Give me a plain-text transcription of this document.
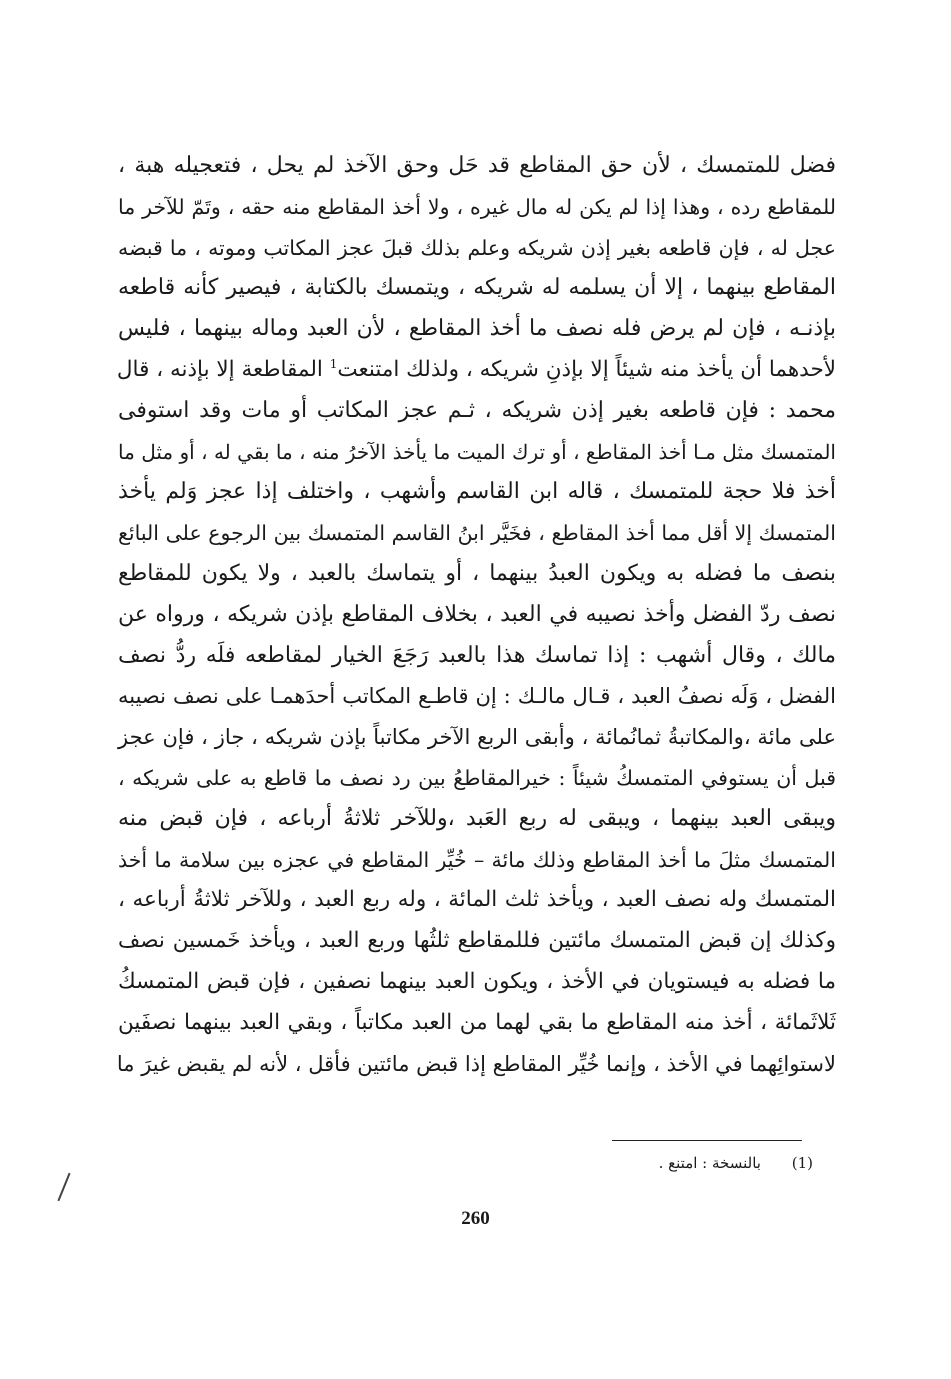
فضل للمتمسك ، لأن حق المقاطع قد حَل وحق الآخذ لم يحل ، فتعجيله هبة ،
للمقاطع رده ، وهذا إذا لم يكن له مال غيره ، ولا أخذ المقاطع منه حقه ، وتَمّ للآخر ما
عجل له ، فإن قاطعه بغير إذن شريكه وعلم بذلك قبلَ عجز المكاتب وموته ، ما قبضه
المقاطع بينهما ، إلا أن يسلمه له شريكه ، ويتمسك بالكتابة ، فيصير كأنه قاطعه
بإذنـه ، فإن لم يرض فله نصف ما أخذ المقاطع ، لأن العبد وماله بينهما ، فليس
لأحدهما أن يأخذ منه شيئاً إلا بإذنِ شريكه ، ولذلك امتنعت$^1$ المقاطعة إلا بإذنه ، قال
محمد : فإن قاطعه بغير إذن شريكه ، ثـم عجز المكاتب أو مات وقد استوفى
المتمسك مثل مـا أخذ المقاطع ، أو ترك الميت ما يأخذ الآخرُ منه ، ما بقي له ، أو مثل ما
أخذ فلا حجة للمتمسك ، قاله ابن القاسم وأشهب ، واختلف إذا عجز وَلم يأخذ
المتمسك إلا أقل مما أخذ المقاطع ، فخَيَّر ابنُ القاسم المتمسك بين الرجوع على البائع
بنصف ما فضله به ويكون العبدُ بينهما ، أو يتماسك بالعبد ، ولا يكون للمقاطع
نصف ردّ الفضل وأخذ نصيبه في العبد ، بخلاف المقاطع بإذن شريكه ، ورواه عن
مالك ، وقال أشهب : إذا تماسك هذا بالعبد رَجَعَ الخيار لمقاطعه فلَه ردُّ نصف
الفضل ، وَلَه نصفُ العبد ، قـال مالـك : إن قاطـع المكاتب أحدَهمـا على نصف نصيبه
على مائة ،والمكاتبةُ ثمانُمائة ، وأبقى الربع الآخر مكاتباً بإذن شريكه ، جاز ، فإن عجز
قبل أن يستوفي المتمسكُ شيئاً : خيرالمقاطعُ بين رد نصف ما قاطع به على شريكه ،
ويبقى العبد بينهما ، ويبقى له ربع العَبد ،وللآخر ثلاثةُ أرباعه ، فإن قبض منه
المتمسك مثلَ ما أخذ المقاطع وذلك مائة – خُيِّر المقاطع في عجزه بين سلامة ما أخذ
المتمسك وله نصف العبد ، ويأخذ ثلث المائة ، وله ربع العبد ، وللآخر ثلاثةُ أرباعه ،
وكذلك إن قبض المتمسك مائتين فللمقاطع ثلثُها وربع العبد ، ويأخذ خَمسين نصف
ما فضله به فيستويان في الأخذ ، ويكون العبد بينهما نصفين ، فإن قبض المتمسكُ
ثَلاثَمائة ، أخذ منه المقاطع ما بقي لهما من العبد مكاتباً ، وبقي العبد بينهما نصفَين
لاستوائِهما في الأخذ ، وإنما خُيِّر المقاطع إذا قبض مائتين فأقل ، لأنه لم يقبض غيرَ ما
(1) بالنسخة : امتنع .
260
